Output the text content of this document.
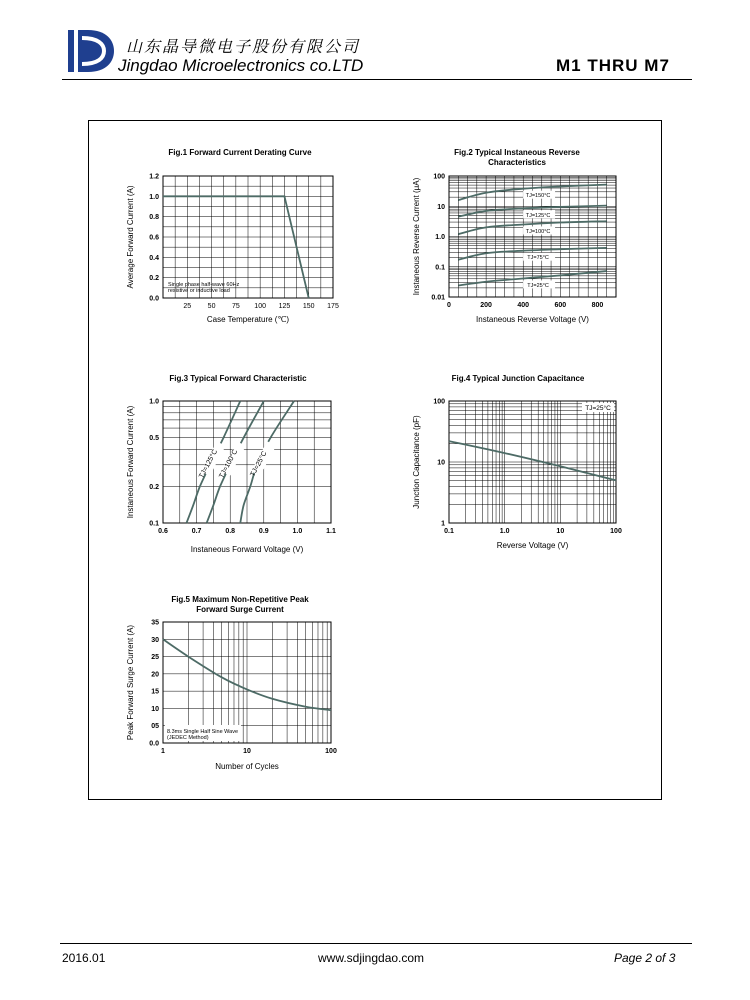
山东晶导微电子股份有限公司
Jingdao Microelectronics co.LTD	M1 THRU M7
25 50 75 100 125 150 175
0.0
0.2
0.4
0.6
0.8
1.0
1.2
Fig.1 Forward Current Derating Curve
Case Temperature (℃)
Average Forward Current (A)
0	200	400	600	800
0.01
0.1
1.0
10
100
Fig.2 Typical Instaneous Reverse
Characteristics
Instaneous Reverse Voltage (V)
Instaneous Reverse Current (μA)
0.6	0.7	0.8	0.9	1.0	1.1
0.1
0.2
0.5
1.0
Fig.3 Typical Forward Characteristic
Instaneous Forward Voltage (V)
Instaneous Forward Current (A)
0.1	1.0	10	100
1
10
100
Fig.4 Typical Junction Capacitance
Reverse Voltage (V)
Junction Capacitance (pF)
1	10	100
0.0
05
10
15
20
25
30
35
Fig.5 Maximum Non-Repetitive Peak
Forward Surge Current
Number of Cycles
Peak Forward Surge Current (A)
Single phase half-wave 60Hz
resistive or inductive load
TJ=150°C
TJ=125°C
TJ=100°C
TJ=75°C
TJ=25°C
TJ=125°C TJ=100°C TJ=25°C
TJ=25°C
8.3ms Single Half Sine Wave
(JEDEC Method)
2016.01	www.sdjingdao.com	Page 2 of 3
